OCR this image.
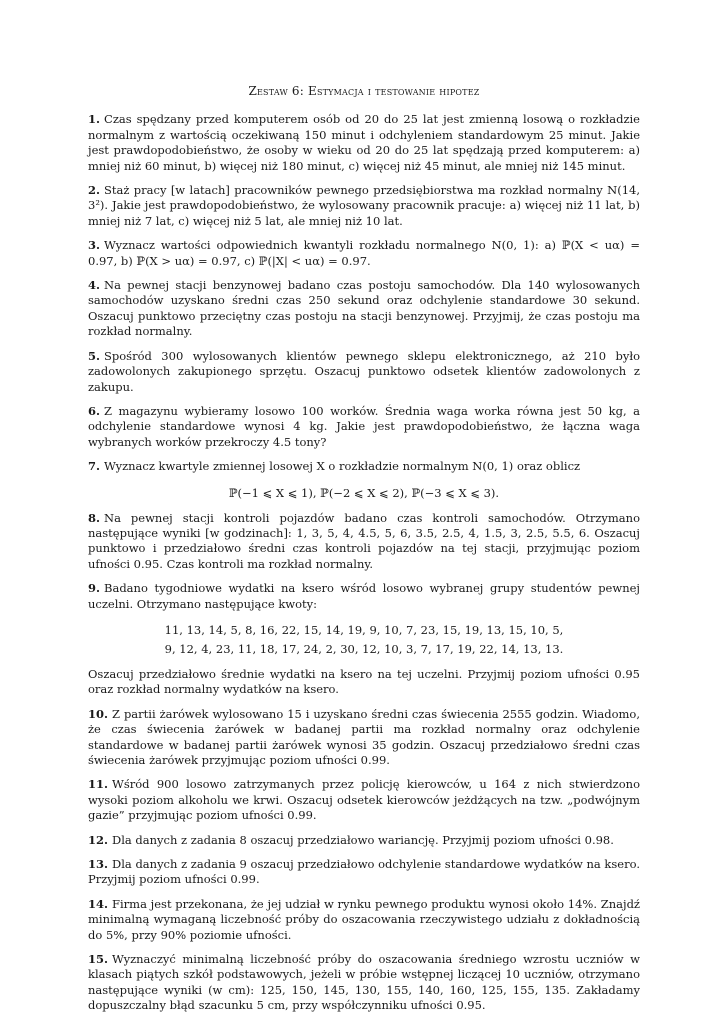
Zestaw 6: Estymacja i testowanie hipotez

1. Czas spędzany przed komputerem osób od 20 do 25 lat jest zmienną losową o rozkładzie normalnym z wartością oczekiwaną 150 minut i odchyleniem standardowym 25 minut. Jakie jest prawdopodobieństwo, że osoby w wieku od 20 do 25 lat spędzają przed komputerem: a) mniej niż 60 minut, b) więcej niż 180 minut, c) więcej niż 45 minut, ale mniej niż 145 minut.

2. Staż pracy [w latach] pracowników pewnego przedsiębiorstwa ma rozkład normalny N(14, 3²). Jakie jest prawdopodobieństwo, że wylosowany pracownik pracuje: a) więcej niż 11 lat, b) mniej niż 7 lat, c) więcej niż 5 lat, ale mniej niż 10 lat.

3. Wyznacz wartości odpowiednich kwantyli rozkładu normalnego N(0, 1): a) ℙ(X < uα) = 0.97, b) ℙ(X > uα) = 0.97, c) ℙ(|X| < uα) = 0.97.

4. Na pewnej stacji benzynowej badano czas postoju samochodów. Dla 140 wylosowanych samochodów uzyskano średni czas 250 sekund oraz odchylenie standardowe 30 sekund. Oszacuj punktowo przeciętny czas postoju na stacji benzynowej. Przyjmij, że czas postoju ma rozkład normalny.

5. Spośród 300 wylosowanych klientów pewnego sklepu elektronicznego, aż 210 było zadowolonych zakupionego sprzętu. Oszacuj punktowo odsetek klientów zadowolonych z zakupu.

6. Z magazynu wybieramy losowo 100 worków. Średnia waga worka równa jest 50 kg, a odchylenie standardowe wynosi 4 kg. Jakie jest prawdopodobieństwo, że łączna waga wybranych worków przekroczy 4.5 tony?

7. Wyznacz kwartyle zmiennej losowej X o rozkładzie normalnym N(0, 1) oraz oblicz

ℙ(−1 ⩽ X ⩽ 1), ℙ(−2 ⩽ X ⩽ 2), ℙ(−3 ⩽ X ⩽ 3).

8. Na pewnej stacji kontroli pojazdów badano czas kontroli samochodów. Otrzymano następujące wyniki [w godzinach]: 1, 3, 5, 4, 4.5, 5, 6, 3.5, 2.5, 4, 1.5, 3, 2.5, 5.5, 6. Oszacuj punktowo i przedziałowo średni czas kontroli pojazdów na tej stacji, przyjmując poziom ufności 0.95. Czas kontroli ma rozkład normalny.

9. Badano tygodniowe wydatki na ksero wśród losowo wybranej grupy studentów pewnej uczelni. Otrzymano następujące kwoty:

11, 13, 14, 5, 8, 16, 22, 15, 14, 19, 9, 10, 7, 23, 15, 19, 13, 15, 10, 5,
9, 12, 4, 23, 11, 18, 17, 24, 2, 30, 12, 10, 3, 7, 17, 19, 22, 14, 13, 13.

Oszacuj przedziałowo średnie wydatki na ksero na tej uczelni. Przyjmij poziom ufności 0.95 oraz rozkład normalny wydatków na ksero.

10. Z partii żarówek wylosowano 15 i uzyskano średni czas świecenia 2555 godzin. Wiadomo, że czas świecenia żarówek w badanej partii ma rozkład normalny oraz odchylenie standardowe w badanej partii żarówek wynosi 35 godzin. Oszacuj przedziałowo średni czas świecenia żarówek przyjmując poziom ufności 0.99.

11. Wśród 900 losowo zatrzymanych przez policję kierowców, u 164 z nich stwierdzono wysoki poziom alkoholu we krwi. Oszacuj odsetek kierowców jeżdżących na tzw. „podwójnym gazie” przyjmując poziom ufności 0.99.

12. Dla danych z zadania 8 oszacuj przedziałowo wariancję. Przyjmij poziom ufności 0.98.

13. Dla danych z zadania 9 oszacuj przedziałowo odchylenie standardowe wydatków na ksero. Przyjmij poziom ufności 0.99.

14. Firma jest przekonana, że jej udział w rynku pewnego produktu wynosi około 14%. Znajdź minimalną wymaganą liczebność próby do oszacowania rzeczywistego udziału z dokładnością do 5%, przy 90% poziomie ufności.

15. Wyznaczyć minimalną liczebność próby do oszacowania średniego wzrostu uczniów w klasach piątych szkół podstawowych, jeżeli w próbie wstępnej liczącej 10 uczniów, otrzymano następujące wyniki (w cm): 125, 150, 145, 130, 155, 140, 160, 125, 155, 135. Zakładamy dopuszczalny błąd szacunku 5 cm, przy współczynniku ufności 0.95.
